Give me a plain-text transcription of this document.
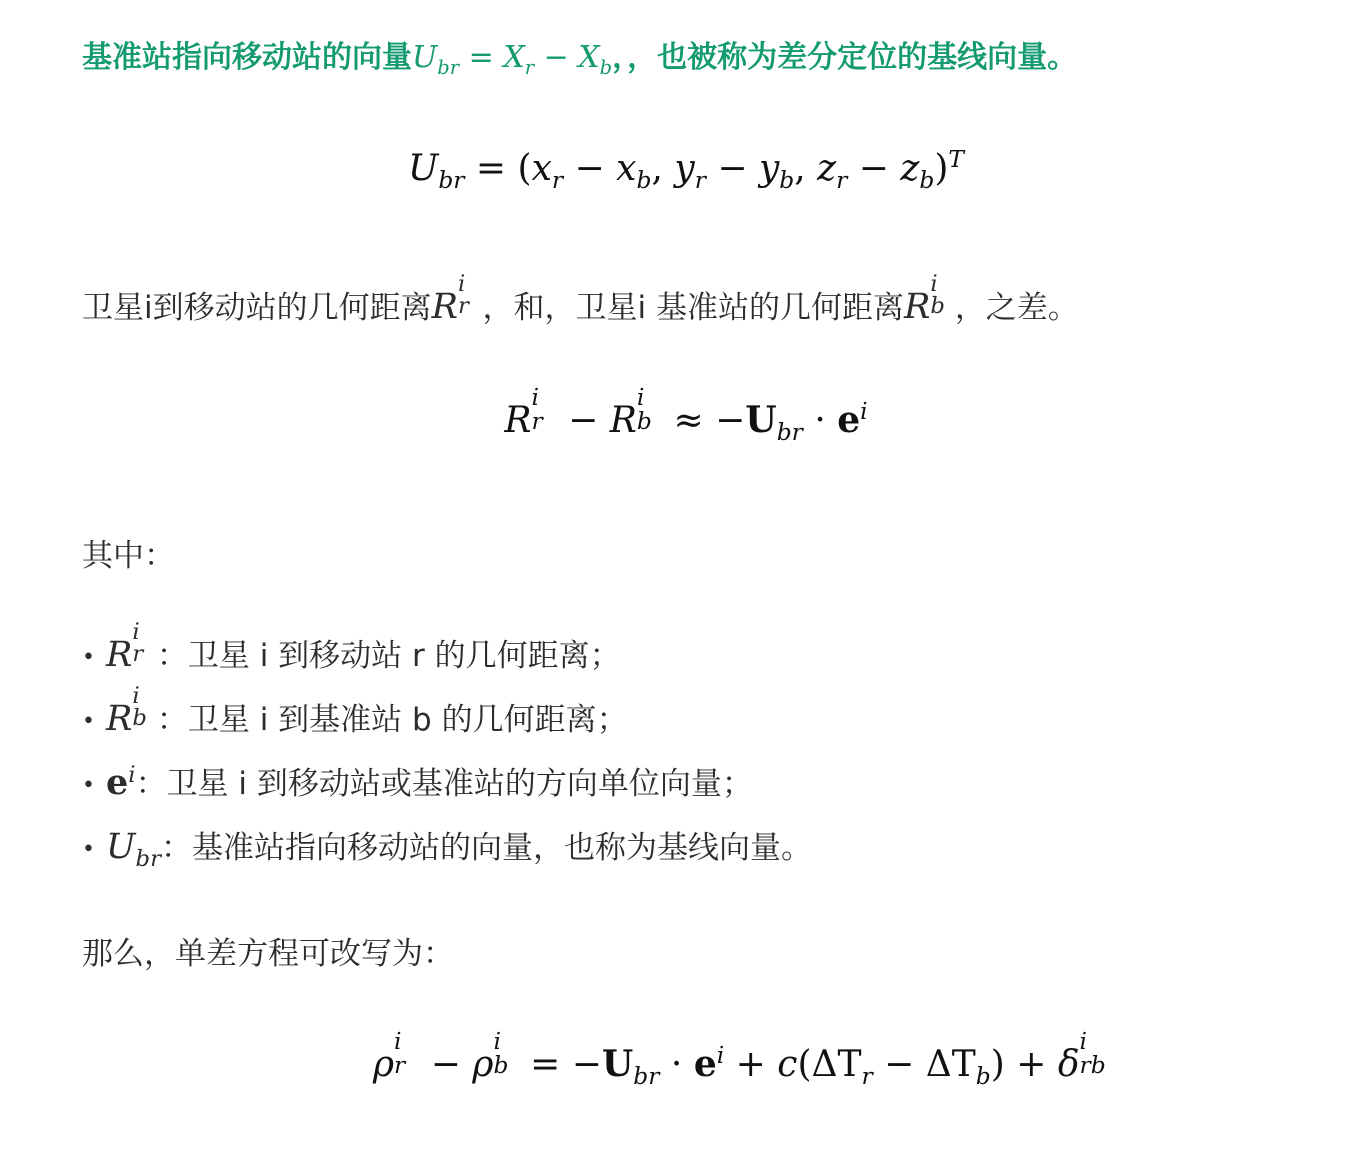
基准站指向移动站的向量$U_{br} = X_r - X_b$，，也被称为差分定位的基线向量。
$U_{br} = (x_r - x_b$, $y_r - y_b$, $z_r - z_b)^T$
卫星i到移动站的几何距离R
i
r ，和，卫星i 基准站的几何距离R
i
b ，之差。
R
i
r − R
i
$b \approx -U_{br} \cdot e^i$
其中：
• R
i
r ：卫星 i 到移动站 r 的几何距离；
• R
i
b ：卫星 i 到基准站 b 的几何距离；
• $e^i$：卫星 i 到移动站或基准站的方向单位向量；
• $U_{br}$：基准站指向移动站的向量，也称为基线向量。
那么，单差方程可改写为：
ρ
i
r − ρ
i
$b = -U_{br} \cdot e^i + c(\Delta T_r - \Delta T_b) + \delta$
i
rb
